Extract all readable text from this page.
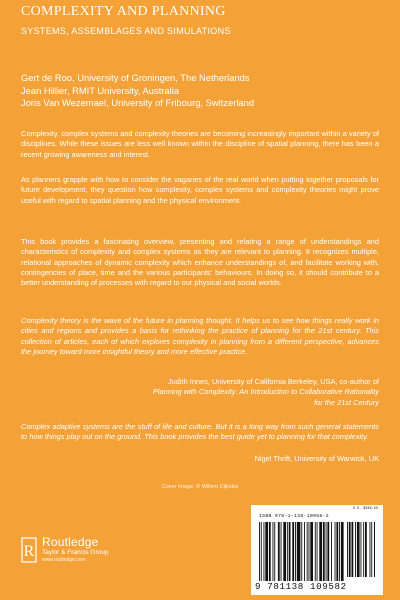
COMPLEXITY AND PLANNING
SYSTEMS, ASSEMBLAGES AND SIMULATIONS
Gert de Roo, University of Groningen, The Netherlands
Jean Hillier, RMIT University, Australia
Joris Van Wezemael, University of Fribourg, Switzerland

Complexity, complex systems and complexity theories are becoming increasingly important within a variety of disciplines. While these issues are less well known within the discipline of spatial planning, there has been a recent growing awareness and interest.

As planners grapple with how to consider the vagaries of the real world when putting together proposals for future development, they question how complexity, complex systems and complexity theories might prove useful with regard to spatial planning and the physical environment.

This book provides a fascinating overview, presenting and relating a range of understandings and characteristics of complexity and complex systems as they are relevant to planning. It recognizes multiple, relational approaches of dynamic complexity which enhance understandings of, and facilitate working with, contingencies of place, time and the various participants' behaviours. In doing so, it should contribute to a better understanding of processes with regard to our physical and social worlds.

Complexity theory is the wave of the future in planning thought. It helps us to see how things really work in cities and regions and provides a basis for rethinking the practice of planning for the 21st century. This collection of articles, each of which explores complexity in planning from a different perspective, advances the journey toward more insightful theory and more effective practice.

Judith Innes, University of California Berkeley, USA, co-author of
Planning with Complexity: An Introduction to Collaborative Rationality
for the 21st Century

Complex adaptive systems are the stuff of life and culture. But it is a long way from such general statements to how things play out on the ground. This book provides the best guide yet to planning for that complexity.

Nigel Thrift, University of Warwick, UK
Cover image: © Willem Dijkstra
R
Routledge
Taylor & Francis Group
www.routledge.com
U.S. $XXX.XX
ISBN 978-1-138-10958-2
9 781138 109582
